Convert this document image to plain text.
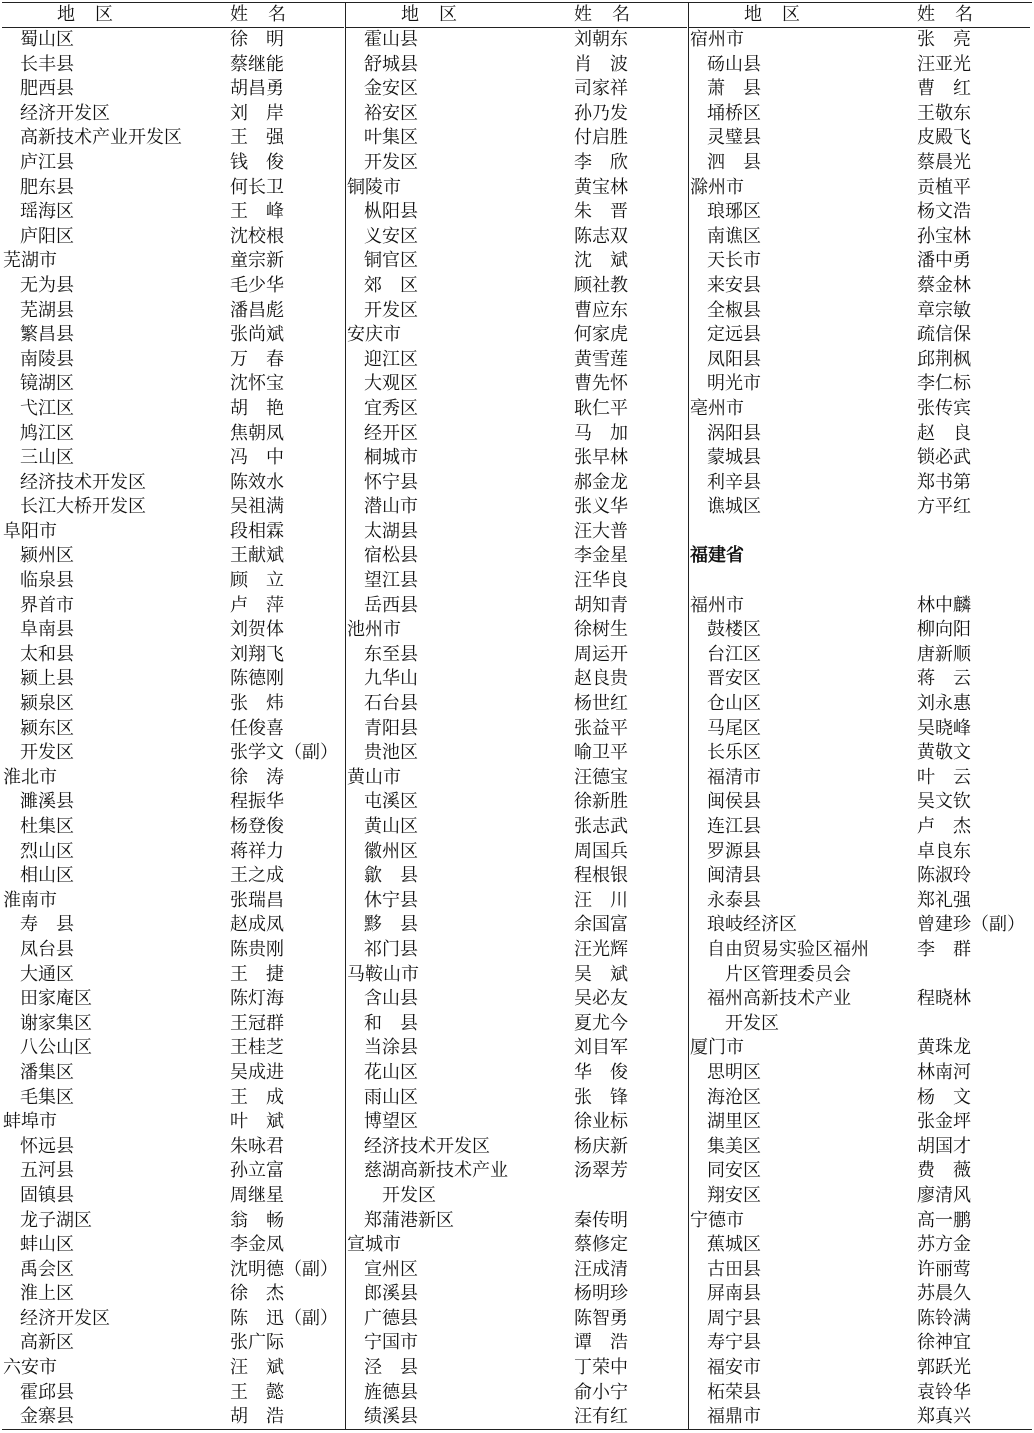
地　区	姓　名
蜀山区	徐　明
长丰县	蔡继能
肥西县	胡昌勇
经济开发区	刘　岸
高新技术产业开发区	王　强
庐江县	钱　俊
肥东县	何长卫
瑶海区	王　峰
庐阳区	沈校根
芜湖市	童宗新
无为县	毛少华
芜湖县	潘昌彪
繁昌县	张尚斌
南陵县	万　春
镜湖区	沈怀宝
弋江区	胡　艳
鸠江区	焦朝凤
三山区	冯　中
经济技术开发区	陈效水
长江大桥开发区	吴祖满
阜阳市	段相霖
颍州区	王献斌
临泉县	顾　立
界首市	卢　萍
阜南县	刘贺体
太和县	刘翔飞
颍上县	陈德刚
颍泉区	张　炜
颍东区	任俊喜
开发区	张学文（副）
淮北市	徐　涛
濉溪县	程振华
杜集区	杨登俊
烈山区	蒋祥力
相山区	王之成
淮南市	张瑞昌
寿　县	赵成凤
凤台县	陈贵刚
大通区	王　捷
田家庵区	陈灯海
谢家集区	王冠群
八公山区	王桂芝
潘集区	吴成进
毛集区	王　成
蚌埠市	叶　斌
怀远县	朱咏君
五河县	孙立富
固镇县	周继星
龙子湖区	翁　畅
蚌山区	李金凤
禹会区	沈明德（副）
淮上区	徐　杰
经济开发区	陈　迅（副）
高新区	张广际
六安市	汪　斌
霍邱县	王　懿
金寨县	胡　浩
地　区	姓　名
霍山县	刘朝东
舒城县	肖　波
金安区	司家祥
裕安区	孙乃发
叶集区	付启胜
开发区	李　欣
铜陵市	黄宝林
枞阳县	朱　晋
义安区	陈志双
铜官区	沈　斌
郊　区	顾社教
开发区	曹应东
安庆市	何家虎
迎江区	黄雪莲
大观区	曹先怀
宜秀区	耿仁平
经开区	马　加
桐城市	张早林
怀宁县	郝金龙
潜山市	张义华
太湖县	汪大普
宿松县	李金星
望江县	汪华良
岳西县	胡知青
池州市	徐树生
东至县	周运开
九华山	赵良贵
石台县	杨世红
青阳县	张益平
贵池区	喻卫平
黄山市	汪德宝
屯溪区	徐新胜
黄山区	张志武
徽州区	周国兵
歙　县	程根银
休宁县	汪　川
黟　县	余国富
祁门县	汪光辉
马鞍山市	吴　斌
含山县	吴必友
和　县	夏尤今
当涂县	刘目军
花山区	华　俊
雨山区	张　锋
博望区	徐业标
经济技术开发区	杨庆新
慈湖高新技术产业	汤翠芳
开发区
郑蒲港新区	秦传明
宣城市	蔡修定
宣州区	汪成清
郎溪县	杨明珍
广德县	陈智勇
宁国市	谭　浩
泾　县	丁荣中
旌德县	俞小宁
绩溪县	汪有红
地　区	姓　名
宿州市	张　亮
砀山县	汪亚光
萧　县	曹　红
埇桥区	王敬东
灵璧县	皮殿飞
泗　县	蔡晨光
滁州市	贡植平
琅琊区	杨文浩
南谯区	孙宝林
天长市	潘中勇
来安县	蔡金林
全椒县	章宗敏
定远县	疏信保
凤阳县	邱荆枫
明光市	李仁标
亳州市	张传宾
涡阳县	赵　良
蒙城县	锁必武
利辛县	郑书第
谯城区	方平红
福建省
福州市	林中麟
鼓楼区	柳向阳
台江区	唐新顺
晋安区	蒋　云
仓山区	刘永惠
马尾区	吴晓峰
长乐区	黄敬文
福清市	叶　云
闽侯县	吴文钦
连江县	卢　杰
罗源县	卓良东
闽清县	陈淑玲
永泰县	郑礼强
琅岐经济区	曾建珍（副）
自由贸易实验区福州	李　群
片区管理委员会
福州高新技术产业	程晓林
开发区
厦门市	黄珠龙
思明区	林南河
海沧区	杨　文
湖里区	张金坪
集美区	胡国才
同安区	费　薇
翔安区	廖清风
宁德市	高一鹏
蕉城区	苏方金
古田县	许丽莺
屏南县	苏晨久
周宁县	陈铃满
寿宁县	徐神宜
福安市	郭跃光
柘荣县	袁铃华
福鼎市	郑真兴
